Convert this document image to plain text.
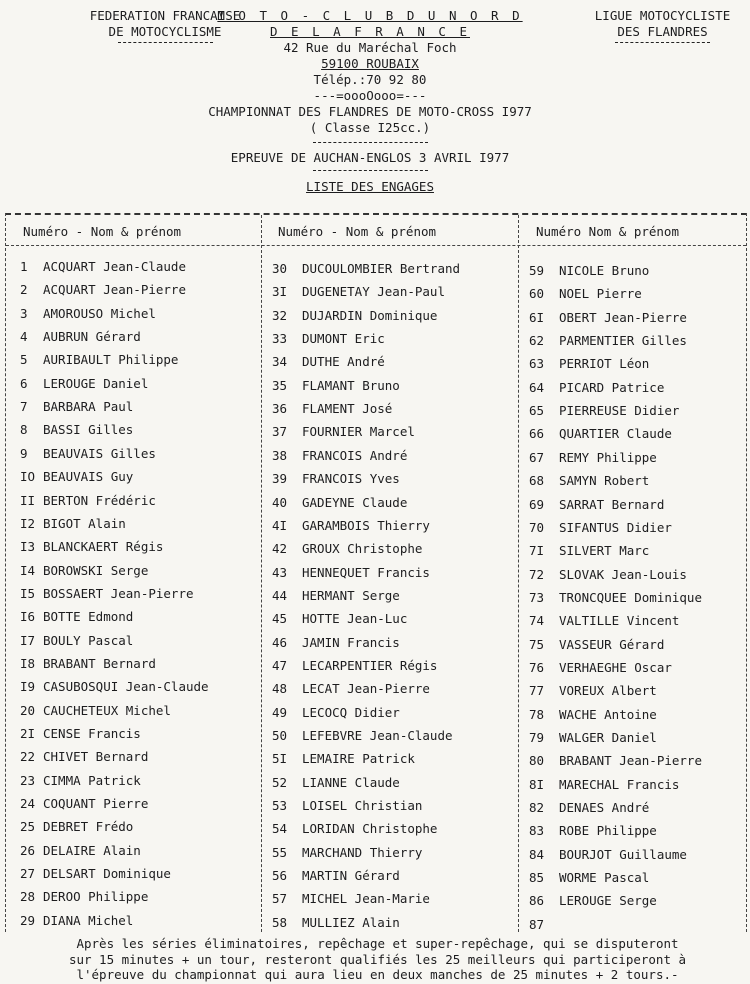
FEDERATION FRANCAISE
DE MOTOCYCLISME
M O T O - C L U B D U N O R D
D E L A F R A N C E
42 Rue du Maréchal Foch
59100 ROUBAIX
Télép.:70 92 80
---=oooOooo=---
CHAMPIONNAT DES FLANDRES DE MOTO-CROSS I977
( Classe I25cc.)
EPREUVE DE AUCHAN-ENGLOS 3 AVRIL I977
LISTE DES ENGAGES
LIGUE MOTOCYCLISTE
DES FLANDRES
Numéro - Nom & prénom	Numéro - Nom & prénom	Numéro Nom & prénom
1 ACQUART Jean-Claude
2 ACQUART Jean-Pierre
3 AMOROUSO Michel
4 AUBRUN Gérard
5 AURIBAULT Philippe
6 LEROUGE Daniel
7 BARBARA Paul
8 BASSI Gilles
9 BEAUVAIS Gilles
IO BEAUVAIS Guy
II BERTON Frédéric
I2 BIGOT Alain
I3 BLANCKAERT Régis
I4 BOROWSKI Serge
I5 BOSSAERT Jean-Pierre
I6 BOTTE Edmond
I7 BOULY Pascal
I8 BRABANT Bernard
I9 CASUBOSQUI Jean-Claude
20 CAUCHETEUX Michel
2I CENSE Francis
22 CHIVET Bernard
23 CIMMA Patrick
24 COQUANT Pierre
25 DEBRET Frédo
26 DELAIRE Alain
27 DELSART Dominique
28 DEROO Philippe
29 DIANA Michel
30 DUCOULOMBIER Bertrand
3I DUGENETAY Jean-Paul
32 DUJARDIN Dominique
33 DUMONT Eric
34 DUTHE André
35 FLAMANT Bruno
36 FLAMENT José
37 FOURNIER Marcel
38 FRANCOIS André
39 FRANCOIS Yves
40 GADEYNE Claude
4I GARAMBOIS Thierry
42 GROUX Christophe
43 HENNEQUET Francis
44 HERMANT Serge
45 HOTTE Jean-Luc
46 JAMIN Francis
47 LECARPENTIER Régis
48 LECAT Jean-Pierre
49 LECOCQ Didier
50 LEFEBVRE Jean-Claude
5I LEMAIRE Patrick
52 LIANNE Claude
53 LOISEL Christian
54 LORIDAN Christophe
55 MARCHAND Thierry
56 MARTIN Gérard
57 MICHEL Jean-Marie
58 MULLIEZ Alain
59 NICOLE Bruno
60 NOEL Pierre
6I OBERT Jean-Pierre
62 PARMENTIER Gilles
63 PERRIOT Léon
64 PICARD Patrice
65 PIERREUSE Didier
66 QUARTIER Claude
67 REMY Philippe
68 SAMYN Robert
69 SARRAT Bernard
70 SIFANTUS Didier
7I SILVERT Marc
72 SLOVAK Jean-Louis
73 TRONCQUEE Dominique
74 VALTILLE Vincent
75 VASSEUR Gérard
76 VERHAEGHE Oscar
77 VOREUX Albert
78 WACHE Antoine
79 WALGER Daniel
80 BRABANT Jean-Pierre
8I MARECHAL Francis
82 DENAES André
83 ROBE Philippe
84 BOURJOT Guillaume
85 WORME Pascal
86 LEROUGE Serge
87
Après les séries éliminatoires, repêchage et super-repêchage, qui se disputeront
sur 15 minutes + un tour, resteront qualifiés les 25 meilleurs qui participeront à
l'épreuve du championnat qui aura lieu en deux manches de 25 minutes + 2 tours.-
